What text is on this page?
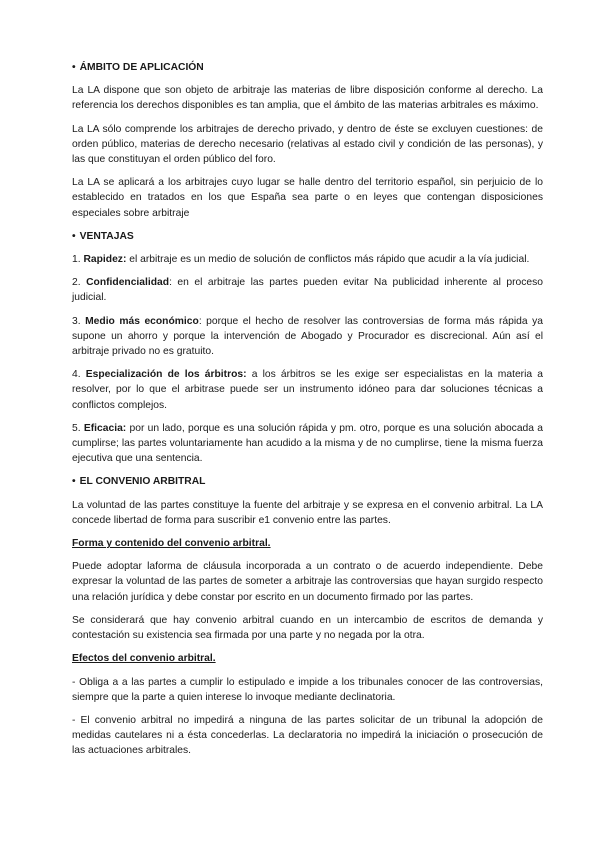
• ÁMBITO DE APLICACIÓN

La LA dispone que son objeto de arbitraje las materias de libre disposición conforme al derecho. La referencia los derechos disponibles es tan amplia, que el ámbito de las materias arbitrales es máximo.

La LA sólo comprende los arbitrajes de derecho privado, y dentro de éste se excluyen cuestiones: de orden público, materias de derecho necesario (relativas al estado civil y condición de las personas), y las que constituyan el orden público del foro.

La LA se aplicará a los arbitrajes cuyo lugar se halle dentro del territorio español, sin perjuicio de lo establecido en tratados en los que España sea parte o en leyes que contengan disposiciones especiales sobre arbitraje

• VENTAJAS

1. Rapidez: el arbitraje es un medio de solución de conflictos más rápido que acudir a la vía judicial.

2. Confidencialidad: en el arbitraje las partes pueden evitar Na publicidad inherente al proceso judicial.

3. Medio más económico: porque el hecho de resolver las controversias de forma más rápida ya supone un ahorro y porque la intervención de Abogado y Procurador es discrecional. Aún así el arbitraje privado no es gratuito.

4. Especialización de los árbitros: a los árbitros se les exige ser especialistas en la materia a resolver, por lo que el arbitrase puede ser un instrumento idóneo para dar soluciones técnicas a conflictos complejos.

5. Eficacia: por un lado, porque es una solución rápida y pm. otro, porque es una solución abocada a cumplirse; las partes voluntariamente han acudido a la misma y de no cumplirse, tiene la misma fuerza ejecutiva que una sentencia.

• EL CONVENIO ARBITRAL

La voluntad de las partes constituye la fuente del arbitraje y se expresa en el convenio arbitral. La LA concede libertad de forma para suscribir e1 convenio entre las partes.

Forma y contenido del convenio arbitral.

Puede adoptar laforma de cláusula incorporada a un contrato o de acuerdo independiente. Debe expresar la voluntad de las partes de someter a arbitraje las controversias que hayan surgido respecto una relación jurídica y debe constar por escrito en un documento firmado por las partes.

Se considerará que hay convenio arbitral cuando en un intercambio de escritos de demanda y contestación su existencia sea firmada por una parte y no negada por la otra.

Efectos del convenio arbitral.

- Obliga a a las partes a cumplir lo estipulado e impide a los tribunales conocer de las controversias, siempre que la parte a quien interese lo invoque mediante declinatoria.

- El convenio arbitral no impedirá a ninguna de las partes solicitar de un tribunal la adopción de medidas cautelares ni a ésta concederlas. La declaratoria no impedirá la iniciación o prosecución de las actuaciones arbitrales.
